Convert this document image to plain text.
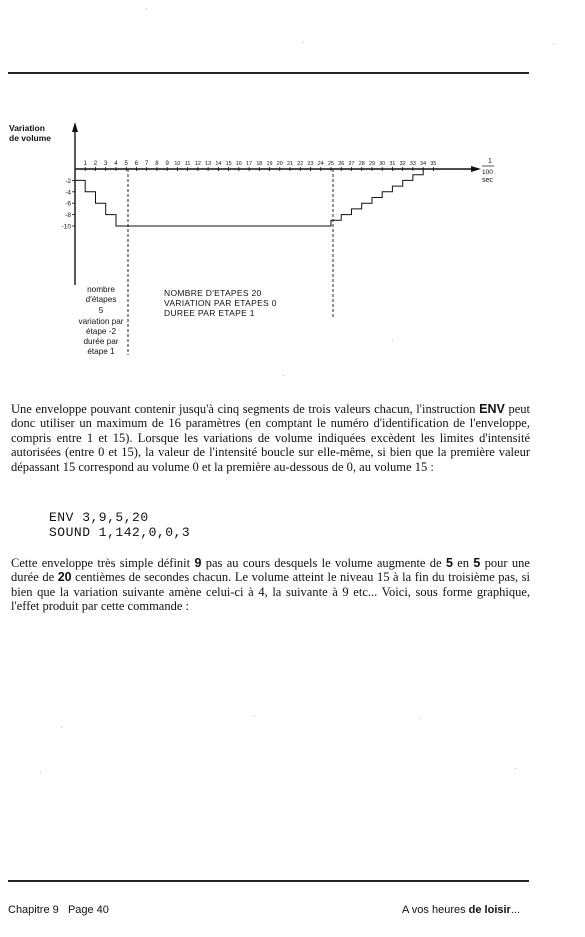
Variation
de volume
1 2 3 4 5 6 7 8 9 10 11 12 13 14 15 16 17 18 19 20 21 22 23 24 25 26 27 28 29 30 31 32 33 34 35
-2
-4
-6
-8
-10
1
100
sec
nombre
d'étapes
5
variation par
étape -2
durée par
étape 1
NOMBRE D'ETAPES 20
VARIATION PAR ETAPES 0
DUREE PAR ETAPE 1

Une enveloppe pouvant contenir jusqu'à cinq segments de trois valeurs chacun, l'instruction ENV peut donc utiliser un maximum de 16 paramètres (en comptant le numéro d'identification de l'enveloppe, compris entre 1 et 15). Lorsque les variations de volume indiquées excèdent les limites d'intensité autorisées (entre 0 et 15), la valeur de l'intensité boucle sur elle-même, si bien que la première valeur dépassant 15 correspond au volume 0 et la première au-dessous de 0, au volume 15 :

ENV 3,9,5,20
SOUND 1,142,0,0,3

Cette enveloppe très simple définit 9 pas au cours desquels le volume augmente de 5 en 5 pour une durée de 20 centièmes de secondes chacun. Le volume atteint le niveau 15 à la fin du troisième pas, si bien que la variation suivante amène celui-ci à 4, la suivante à 9 etc... Voici, sous forme graphique, l'effet produit par cette commande :

Chapitre 9 Page 40	A vos heures de loisir...
